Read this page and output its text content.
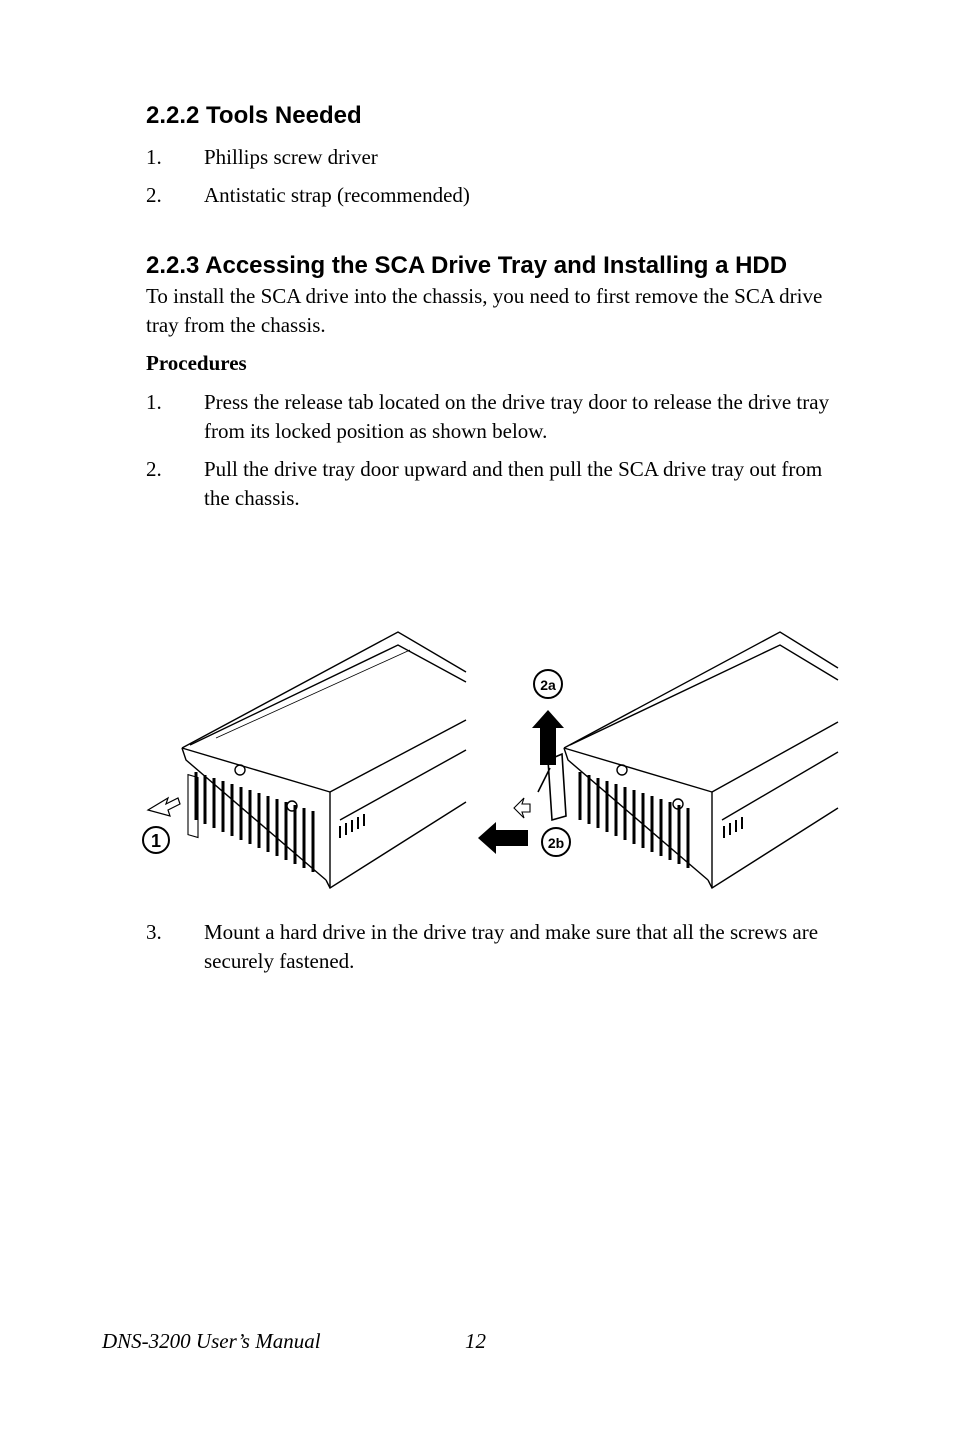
2.2.2 Tools Needed
1. Phillips screw driver
2. Antistatic strap (recommended)
2.2.3 Accessing the SCA Drive Tray and Installing a HDD
To install the SCA drive into the chassis, you need to first remove the SCA drive tray from the chassis.
Procedures
1. Press the release tab located on the drive tray door to release the drive tray from its locked position as shown below.
2. Pull the drive tray door upward and then pull the SCA drive tray out from the chassis.
1
2a
2b
3. Mount a hard drive in the drive tray and make sure that all the screws are securely fastened.
DNS-3200 User’s Manual	12
